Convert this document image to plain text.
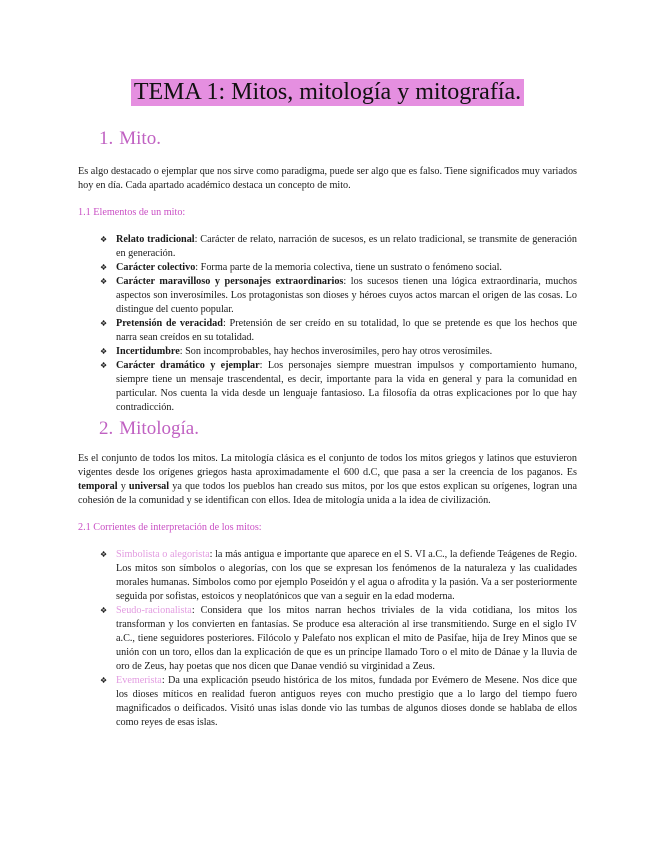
TEMA 1: Mitos, mitología y mitografía.
1. Mito.

Es algo destacado o ejemplar que nos sirve como paradigma, puede ser algo que es falso. Tiene significados muy variados hoy en día. Cada apartado académico destaca un concepto de mito.

1.1 Elementos de un mito:
❖ Relato tradicional: Carácter de relato, narración de sucesos, es un relato tradicional, se transmite de generación en generación.
❖ Carácter colectivo: Forma parte de la memoria colectiva, tiene un sustrato o fenómeno social.
❖ Carácter maravilloso y personajes extraordinarios: los sucesos tienen una lógica extraordinaria, muchos aspectos son inverosímiles. Los protagonistas son dioses y héroes cuyos actos marcan el origen de las cosas. Lo distingue del cuento popular.
❖ Pretensión de veracidad: Pretensión de ser creído en su totalidad, lo que se pretende es que los hechos que narra sean creídos en su totalidad.
❖ Incertidumbre: Son incomprobables, hay hechos inverosímiles, pero hay otros verosímiles.
❖ Carácter dramático y ejemplar: Los personajes siempre muestran impulsos y comportamiento humano, siempre tiene un mensaje trascendental, es decir, importante para la vida en general y para la comunidad en particular. Nos cuenta la vida desde un lenguaje fantasioso. La filosofía da otras explicaciones por lo que hay contradicción.
2. Mitología.

Es el conjunto de todos los mitos. La mitología clásica es el conjunto de todos los mitos griegos y latinos que estuvieron vigentes desde los orígenes griegos hasta aproximadamente el 600 d.C, que pasa a ser la creencia de los paganos. Es temporal y universal ya que todos los pueblos han creado sus mitos, por los que estos explican su orígenes, logran una cohesión de la comunidad y se identifican con ellos. Idea de mitología unida a la idea de civilización.

2.1 Corrientes de interpretación de los mitos:
❖ Simbolista o alegorista: la más antigua e importante que aparece en el S. VI a.C., la defiende Teágenes de Regio. Los mitos son símbolos o alegorías, con los que se expresan los fenómenos de la naturaleza y las cualidades morales humanas. Símbolos como por ejemplo Poseidón y el agua o afrodita y la pasión. Va a ser posteriormente seguida por sofistas, estoicos y neoplatónicos que van a seguir en la edad moderna.
❖ Seudo-racionalista: Considera que los mitos narran hechos triviales de la vida cotidiana, los mitos los transforman y los convierten en fantasías. Se produce esa alteración al irse transmitiendo. Surge en el siglo IV a.C., tiene seguidores posteriores. Filócolo y Palefato nos explican el mito de Pasifae, hija de Irey Minos que se unión con un toro, ellos dan la explicación de que es un príncipe llamado Toro o el mito de Dánae y la lluvia de oro de Zeus, hay poetas que nos dicen que Danae vendió su virginidad a Zeus.
❖ Evemerista: Da una explicación pseudo histórica de los mitos, fundada por Evémero de Mesene. Nos dice que los dioses míticos en realidad fueron antiguos reyes con mucho prestigio que a lo largo del tiempo fuero magnificados o deificados. Visitó unas islas donde vio las tumbas de algunos dioses donde se hablaba de ellos como reyes de esas islas.
